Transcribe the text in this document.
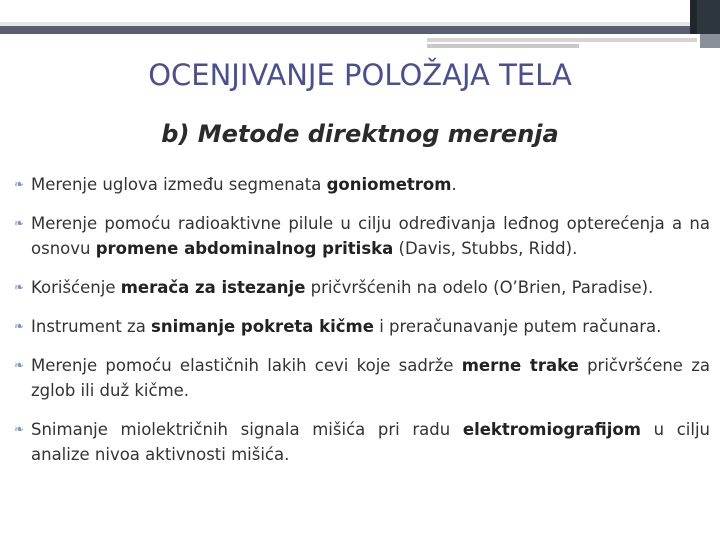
OCENJIVANJE POLOŽAJA TELA
b) Metode direktnog merenja
❧ Merenje uglova između segmenata goniometrom.
❧ Merenje pomoću radioaktivne pilule u cilju određivanja leđnog opterećenja a na osnovu promene abdominalnog pritiska (Davis, Stubbs, Ridd).
❧ Korišćenje merača za istezanje pričvršćenih na odelo (O’Brien, Paradise).
❧ Instrument za snimanje pokreta kičme i preračunavanje putem računara.
❧ Merenje pomoću elastičnih lakih cevi koje sadrže merne trake pričvršćene za zglob ili duž kičme.
❧ Snimanje miolektričnih signala mišića pri radu elektromiografijom u cilju analize nivoa aktivnosti mišića.
